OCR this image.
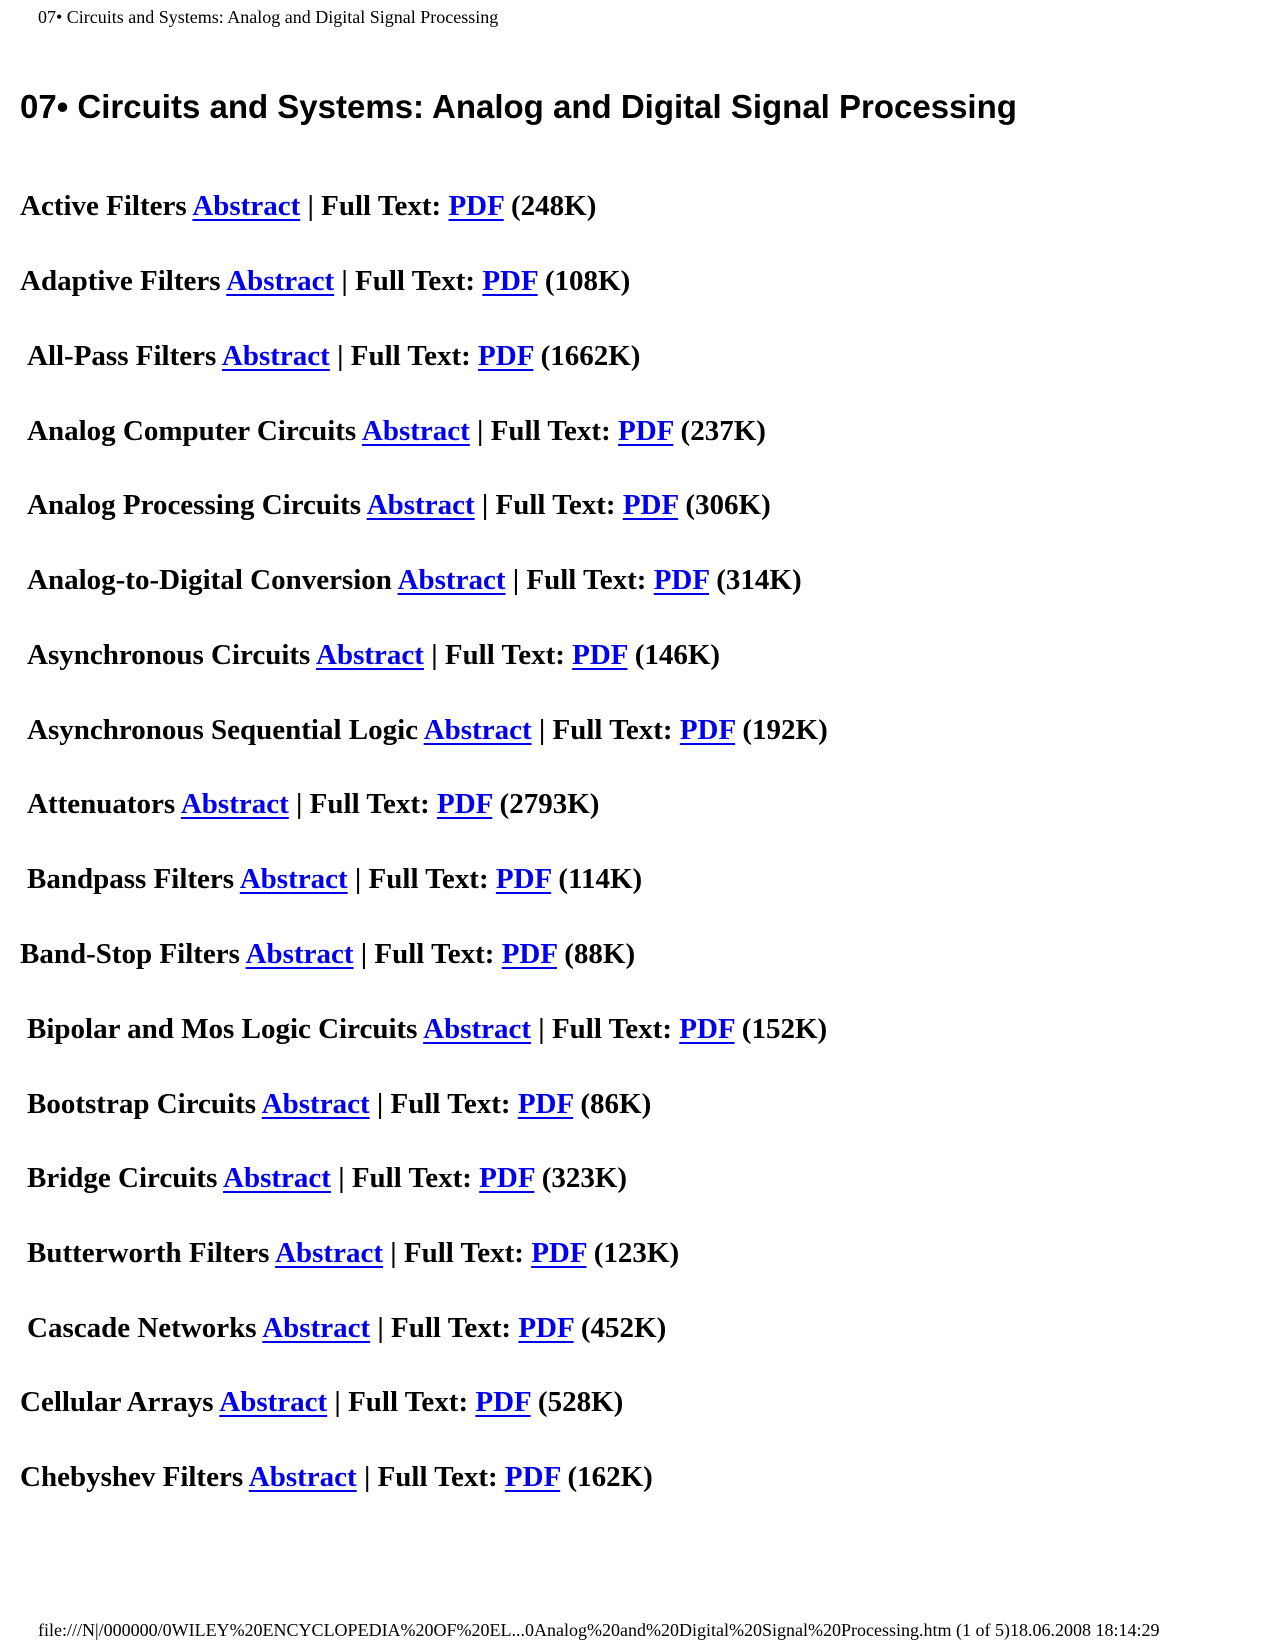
07• Circuits and Systems: Analog and Digital Signal Processing
07• Circuits and Systems: Analog and Digital Signal Processing
Active Filters Abstract | Full Text: PDF (248K)
Adaptive Filters Abstract | Full Text: PDF (108K)
All-Pass Filters Abstract | Full Text: PDF (1662K)
Analog Computer Circuits Abstract | Full Text: PDF (237K)
Analog Processing Circuits Abstract | Full Text: PDF (306K)
Analog-to-Digital Conversion Abstract | Full Text: PDF (314K)
Asynchronous Circuits Abstract | Full Text: PDF (146K)
Asynchronous Sequential Logic Abstract | Full Text: PDF (192K)
Attenuators Abstract | Full Text: PDF (2793K)
Bandpass Filters Abstract | Full Text: PDF (114K)
Band-Stop Filters Abstract | Full Text: PDF (88K)
Bipolar and Mos Logic Circuits Abstract | Full Text: PDF (152K)
Bootstrap Circuits Abstract | Full Text: PDF (86K)
Bridge Circuits Abstract | Full Text: PDF (323K)
Butterworth Filters Abstract | Full Text: PDF (123K)
Cascade Networks Abstract | Full Text: PDF (452K)
Cellular Arrays Abstract | Full Text: PDF (528K)
Chebyshev Filters Abstract | Full Text: PDF (162K)
file:///N|/000000/0WILEY%20ENCYCLOPEDIA%20OF%20EL...0Analog%20and%20Digital%20Signal%20Processing.htm (1 of 5)18.06.2008 18:14:29
